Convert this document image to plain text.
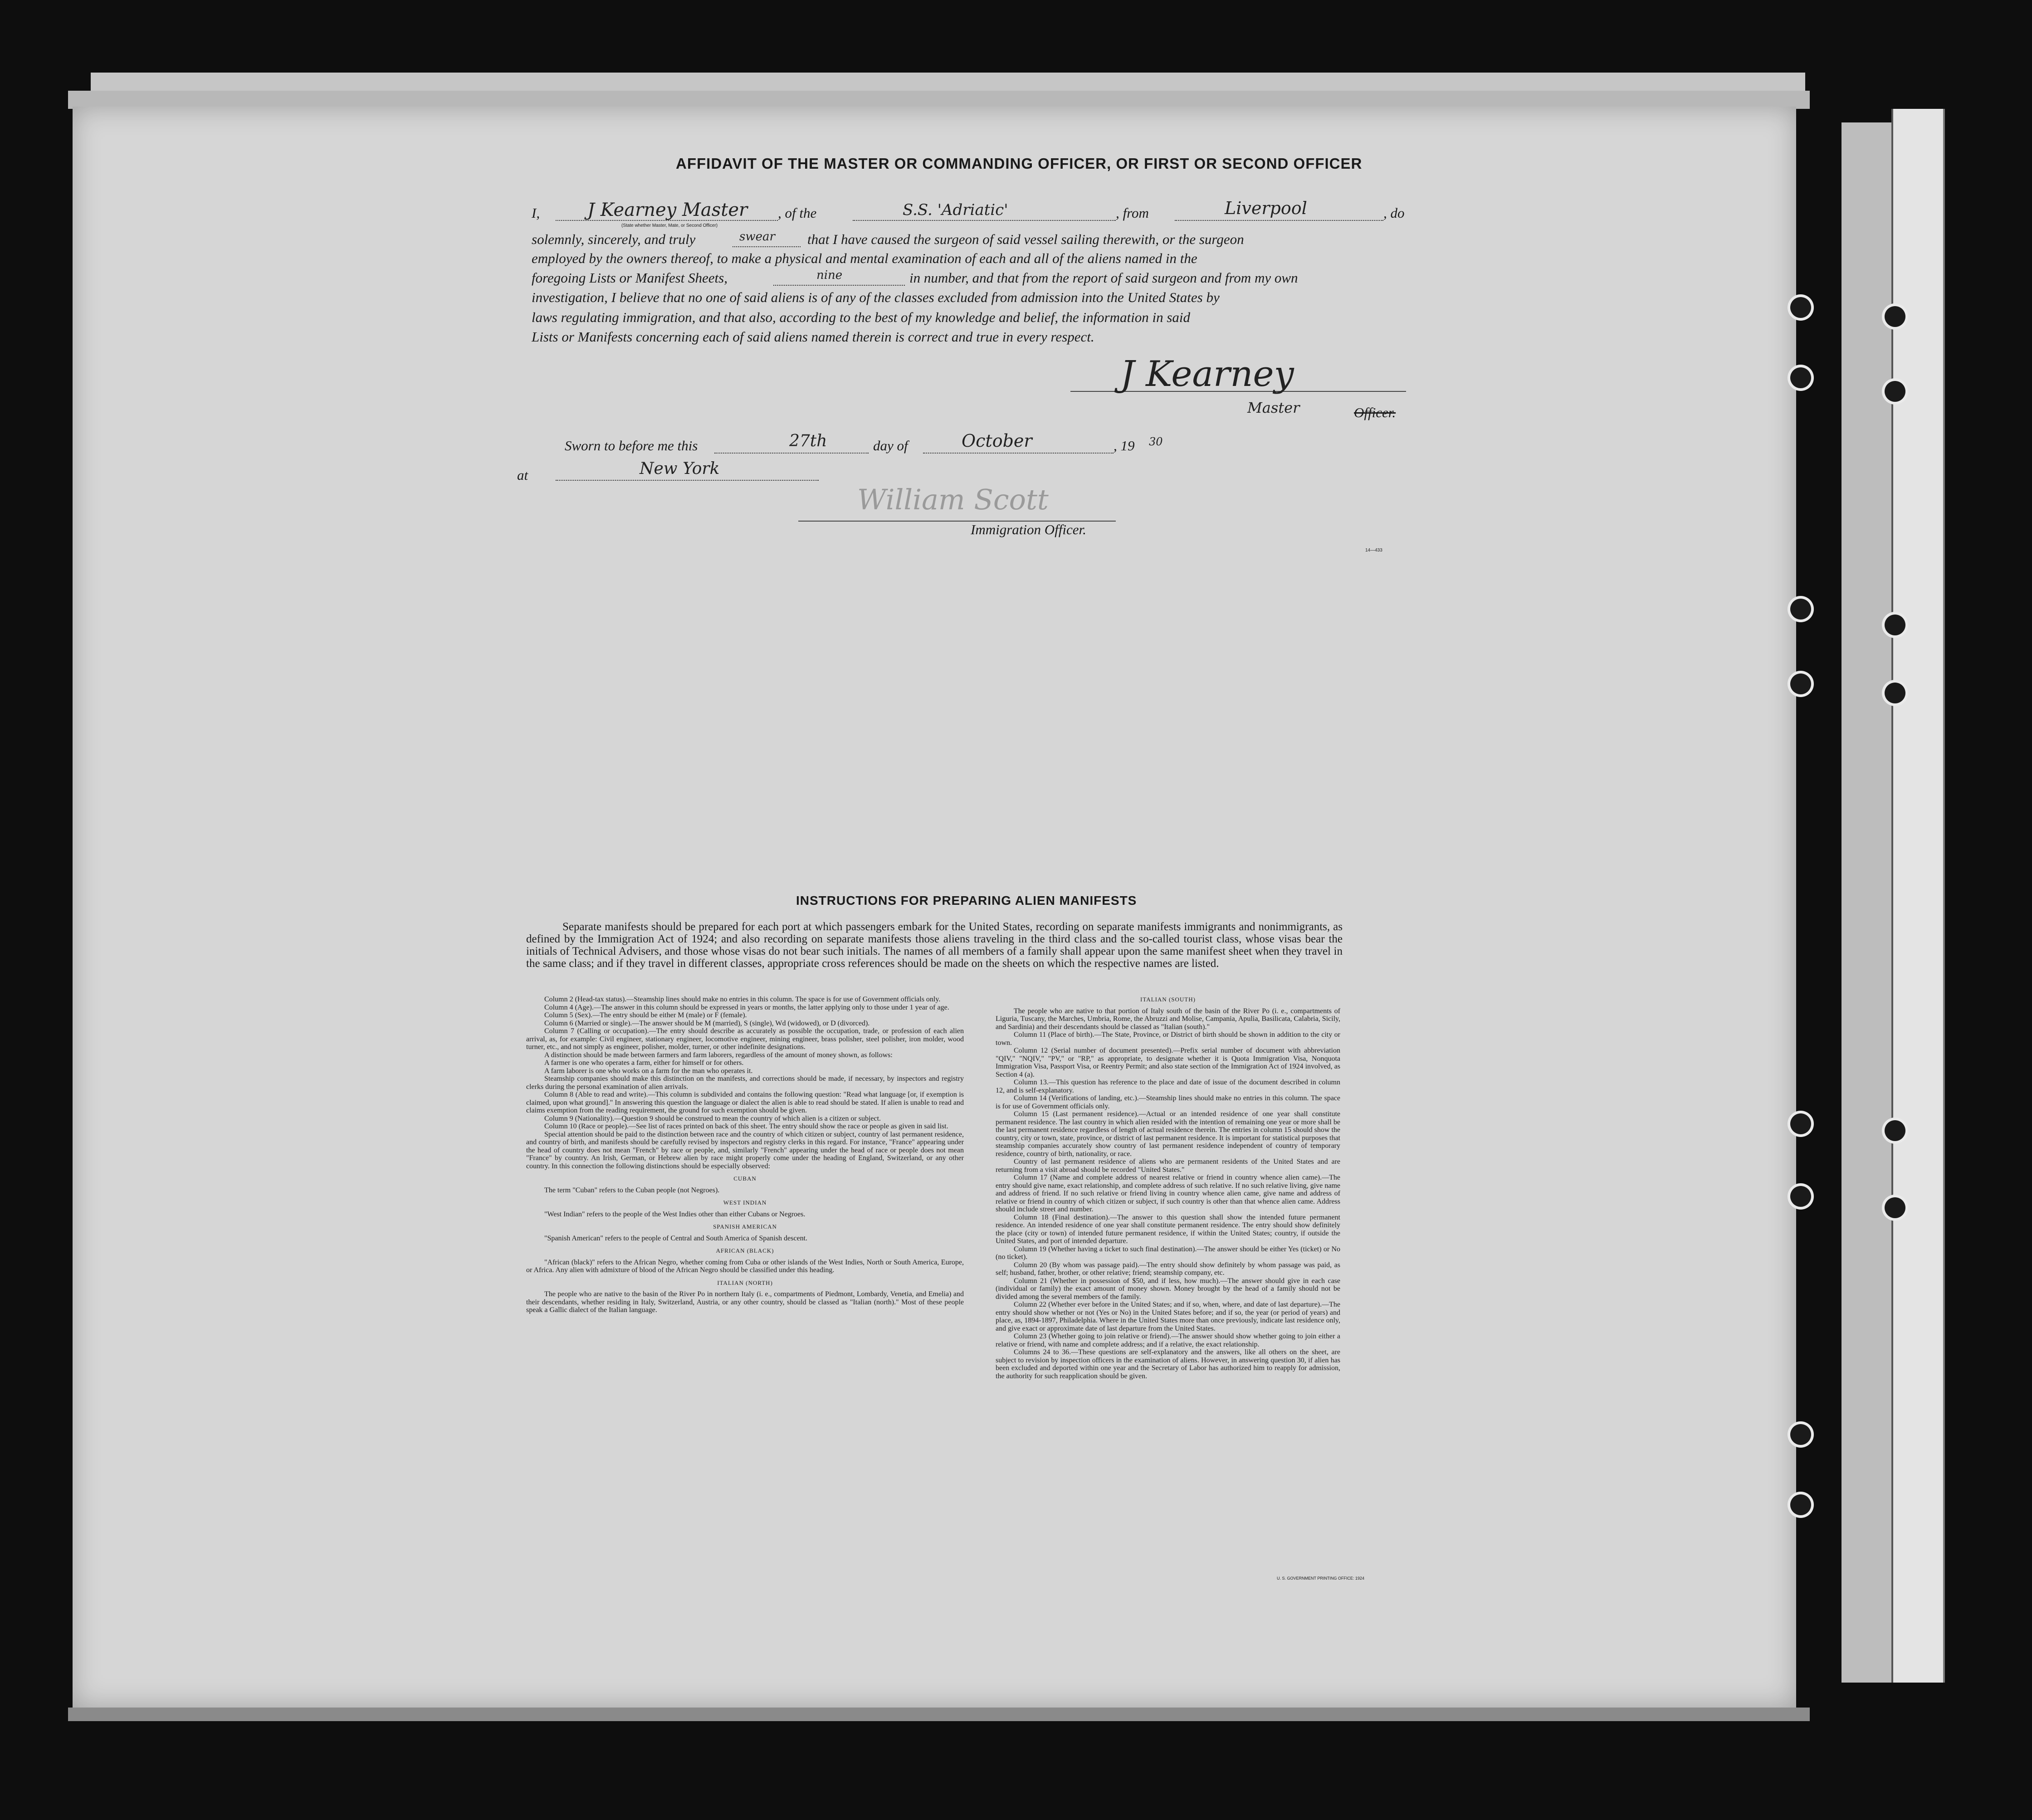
AFFIDAVIT OF THE MASTER OR COMMANDING OFFICER, OR FIRST OR SECOND OFFICER
I,	J Kearney Master , of the	S.S. 'Adriatic'	, from	Liverpool	, do
(State whether Master, Mate, or Second Officer)
solemnly, sincerely, and truly	swear that I have caused the surgeon of said vessel sailing therewith, or the surgeon
employed by the owners thereof, to make a physical and mental examination of each and all of the aliens named in the
foregoing Lists or Manifest Sheets,	nine	in number, and that from the report of said surgeon and from my own
investigation, I believe that no one of said aliens is of any of the classes excluded from admission into the United States by
laws regulating immigration, and that also, according to the best of my knowledge and belief, the information in said
Lists or Manifests concerning each of said aliens named therein is correct and true in every respect.
J Kearney
Master	Officer.
Sworn to before me this	27th	day of	October	, 19 30
at	New York
William Scott
Immigration Officer.
14—433
INSTRUCTIONS FOR PREPARING ALIEN MANIFESTS
Separate manifests should be prepared for each port at which passengers embark for the United States, recording on separate manifests immigrants and nonimmigrants, as defined by the Immigration Act of 1924; and also recording on separate manifests those aliens traveling in the third class and the so-called tourist class, whose visas bear the initials of Technical Advisers, and those whose visas do not bear such initials. The names of all members of a family shall appear upon the same manifest sheet when they travel in the same class; and if they travel in different classes, appropriate cross references should be made on the sheets on which the respective names are listed.

Column 2 (Head-tax status).—Steamship lines should make no entries in this column. The space is for use of Government officials only.

Column 4 (Age).—The answer in this column should be expressed in years or months, the latter applying only to those under 1 year of age.

Column 5 (Sex).—The entry should be either M (male) or F (female).

Column 6 (Married or single).—The answer should be M (married), S (single), Wd (widowed), or D (divorced).

Column 7 (Calling or occupation).—The entry should describe as accurately as possible the occupation, trade, or profession of each alien arrival, as, for example: Civil engineer, stationary engineer, locomotive engineer, mining engineer, brass polisher, steel polisher, iron molder, wood turner, etc., and not simply as engineer, polisher, molder, turner, or other indefinite designations.

A distinction should be made between farmers and farm laborers, regardless of the amount of money shown, as follows:

A farmer is one who operates a farm, either for himself or for others.

A farm laborer is one who works on a farm for the man who operates it.

Steamship companies should make this distinction on the manifests, and corrections should be made, if necessary, by inspectors and registry clerks during the personal examination of alien arrivals.

Column 8 (Able to read and write).—This column is subdivided and contains the following question: "Read what language [or, if exemption is claimed, upon what ground]." In answering this question the language or dialect the alien is able to read should be stated. If alien is unable to read and claims exemption from the reading requirement, the ground for such exemption should be given.

Column 9 (Nationality).—Question 9 should be construed to mean the country of which alien is a citizen or subject.

Column 10 (Race or people).—See list of races printed on back of this sheet. The entry should show the race or people as given in said list.

Special attention should be paid to the distinction between race and the country of which citizen or subject, country of last permanent residence, and country of birth, and manifests should be carefully revised by inspectors and registry clerks in this regard. For instance, "France" appearing under the head of country does not mean "French" by race or people, and, similarly "French" appearing under the head of race or people does not mean "France" by country. An Irish, German, or Hebrew alien by race might properly come under the heading of England, Switzerland, or any other country. In this connection the following distinctions should be especially observed:

CUBAN

The term "Cuban" refers to the Cuban people (not Negroes).

WEST INDIAN

"West Indian" refers to the people of the West Indies other than either Cubans or Negroes.

SPANISH AMERICAN

"Spanish American" refers to the people of Central and South America of Spanish descent.

AFRICAN (BLACK)

"African (black)" refers to the African Negro, whether coming from Cuba or other islands of the West Indies, North or South America, Europe, or Africa. Any alien with admixture of blood of the African Negro should be classified under this heading.

ITALIAN (NORTH)

The people who are native to the basin of the River Po in northern Italy (i. e., compartments of Piedmont, Lombardy, Venetia, and Emelia) and their descendants, whether residing in Italy, Switzerland, Austria, or any other country, should be classed as "Italian (north)." Most of these people speak a Gallic dialect of the Italian language.

ITALIAN (SOUTH)

The people who are native to that portion of Italy south of the basin of the River Po (i. e., compartments of Liguria, Tuscany, the Marches, Umbria, Rome, the Abruzzi and Molise, Campania, Apulia, Basilicata, Calabria, Sicily, and Sardinia) and their descendants should be classed as "Italian (south)."

Column 11 (Place of birth).—The State, Province, or District of birth should be shown in addition to the city or town.

Column 12 (Serial number of document presented).—Prefix serial number of document with abbreviation "QIV," "NQIV," "PV," or "RP," as appropriate, to designate whether it is Quota Immigration Visa, Nonquota Immigration Visa, Passport Visa, or Reentry Permit; and also state section of the Immigration Act of 1924 involved, as Section 4 (a).

Column 13.—This question has reference to the place and date of issue of the document described in column 12, and is self-explanatory.

Column 14 (Verifications of landing, etc.).—Steamship lines should make no entries in this column. The space is for use of Government officials only.

Column 15 (Last permanent residence).—Actual or an intended residence of one year shall constitute permanent residence. The last country in which alien resided with the intention of remaining one year or more shall be the last permanent residence regardless of length of actual residence therein. The entries in column 15 should show the country, city or town, state, province, or district of last permanent residence. It is important for statistical purposes that steamship companies accurately show country of last permanent residence independent of country of temporary residence, country of birth, nationality, or race.

Country of last permanent residence of aliens who are permanent residents of the United States and are returning from a visit abroad should be recorded "United States."

Column 17 (Name and complete address of nearest relative or friend in country whence alien came).—The entry should give name, exact relationship, and complete address of such relative. If no such relative living, give name and address of friend. If no such relative or friend living in country whence alien came, give name and address of relative or friend in country of which citizen or subject, if such country is other than that whence alien came. Address should include street and number.

Column 18 (Final destination).—The answer to this question shall show the intended future permanent residence. An intended residence of one year shall constitute permanent residence. The entry should show definitely the place (city or town) of intended future permanent residence, if within the United States; country, if outside the United States, and port of intended departure.

Column 19 (Whether having a ticket to such final destination).—The answer should be either Yes (ticket) or No (no ticket).

Column 20 (By whom was passage paid).—The entry should show definitely by whom passage was paid, as self; husband, father, brother, or other relative; friend; steamship company, etc.

Column 21 (Whether in possession of $50, and if less, how much).—The answer should give in each case (individual or family) the exact amount of money shown. Money brought by the head of a family should not be divided among the several members of the family.

Column 22 (Whether ever before in the United States; and if so, when, where, and date of last departure).—The entry should show whether or not (Yes or No) in the United States before; and if so, the year (or period of years) and place, as, 1894-1897, Philadelphia. Where in the United States more than once previously, indicate last residence only, and give exact or approximate date of last departure from the United States.

Column 23 (Whether going to join relative or friend).—The answer should show whether going to join either a relative or friend, with name and complete address; and if a relative, the exact relationship.

Columns 24 to 36.—These questions are self-explanatory and the answers, like all others on the sheet, are subject to revision by inspection officers in the examination of aliens. However, in answering question 30, if alien has been excluded and deported within one year and the Secretary of Labor has authorized him to reapply for admission, the authority for such reapplication should be given.

U. S. GOVERNMENT PRINTING OFFICE: 1924
